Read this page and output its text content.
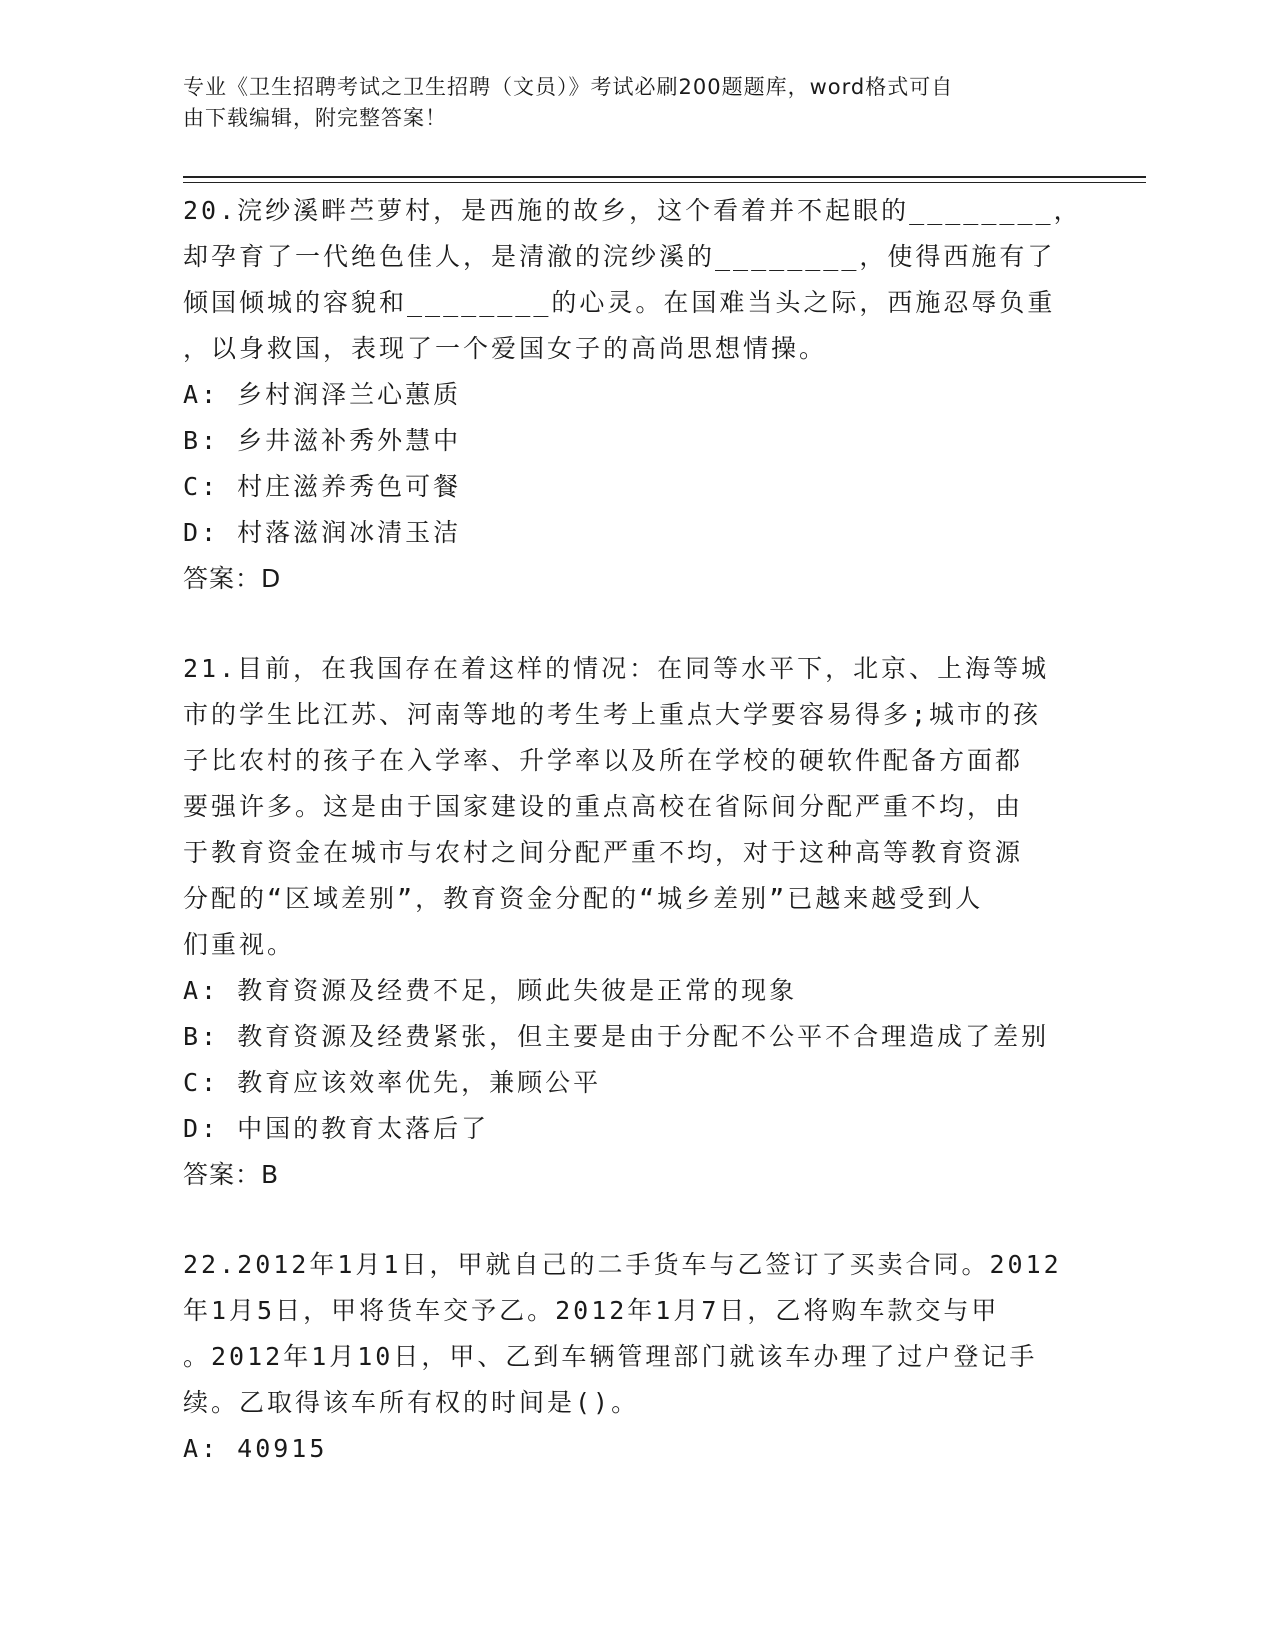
专业《卫生招聘考试之卫生招聘（文员）》考试必刷200题题库，word格式可自
由下载编辑，附完整答案！

20.浣纱溪畔苎萝村，是西施的故乡，这个看着并不起眼的________，
却孕育了一代绝色佳人，是清澈的浣纱溪的________，使得西施有了
倾国倾城的容貌和________的心灵。在国难当头之际，西施忍辱负重
，以身救国，表现了一个爱国女子的高尚思想情操。

A: 乡村润泽兰心蕙质

B: 乡井滋补秀外慧中

C: 村庄滋养秀色可餐

D: 村落滋润冰清玉洁

答案：D

21.目前，在我国存在着这样的情况：在同等水平下，北京、上海等城
市的学生比江苏、河南等地的考生考上重点大学要容易得多;城市的孩
子比农村的孩子在入学率、升学率以及所在学校的硬软件配备方面都
要强许多。这是由于国家建设的重点高校在省际间分配严重不均，由
于教育资金在城市与农村之间分配严重不均，对于这种高等教育资源
分配的“区域差别”，教育资金分配的“城乡差别”已越来越受到人
们重视。

A: 教育资源及经费不足，顾此失彼是正常的现象

B: 教育资源及经费紧张，但主要是由于分配不公平不合理造成了差别

C: 教育应该效率优先，兼顾公平

D: 中国的教育太落后了

答案：B

22.2012年1月1日，甲就自己的二手货车与乙签订了买卖合同。2012
年1月5日，甲将货车交予乙。2012年1月7日，乙将购车款交与甲
。2012年1月10日，甲、乙到车辆管理部门就该车办理了过户登记手
续。乙取得该车所有权的时间是()。

A: 40915
